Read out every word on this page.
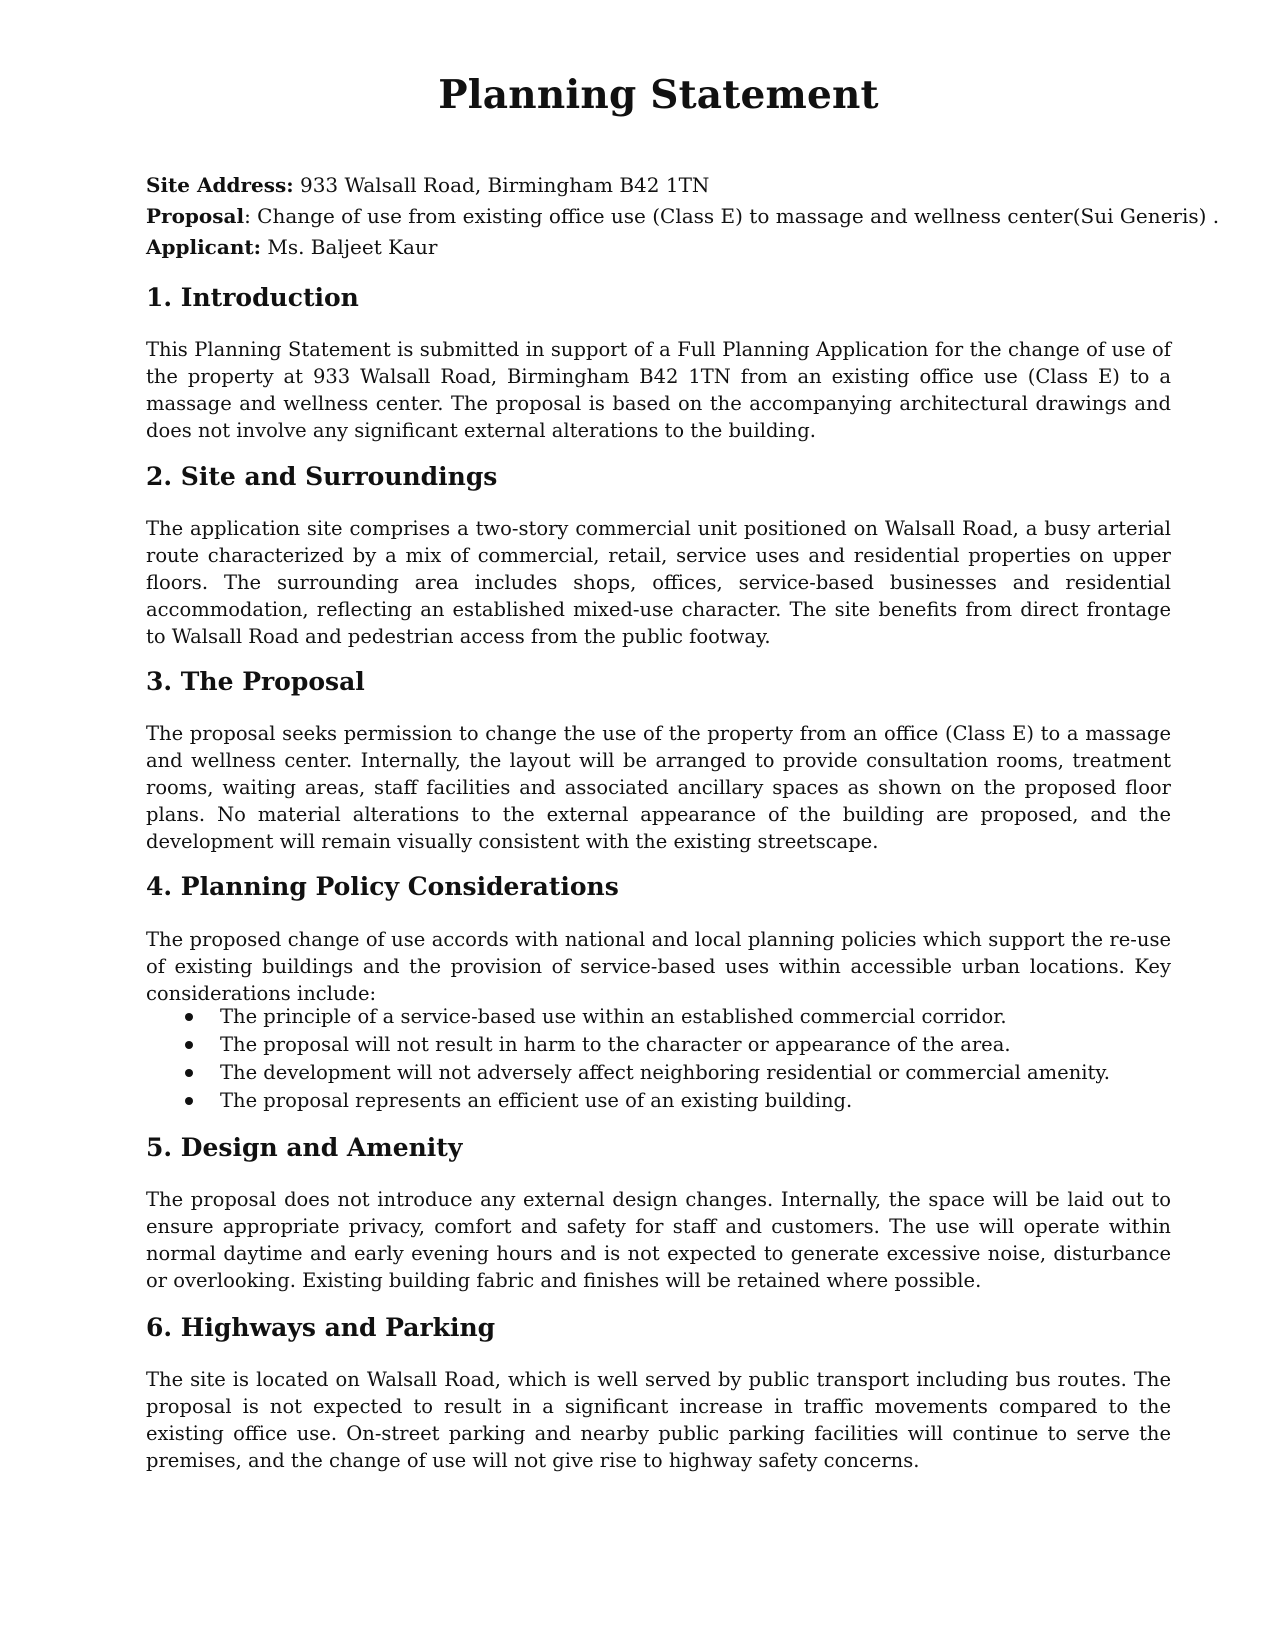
Planning Statement
Site Address: 933 Walsall Road, Birmingham B42 1TN
Proposal: Change of use from existing office use (Class E) to massage and wellness center(Sui Generis) .
Applicant: Ms. Baljeet Kaur
1. Introduction

This Planning Statement is submitted in support of a Full Planning Application for the change of use of the property at 933 Walsall Road, Birmingham B42 1TN from an existing office use (Class E) to a massage and wellness center. The proposal is based on the accompanying architectural drawings and does not involve any significant external alterations to the building.

2. Site and Surroundings

The application site comprises a two-story commercial unit positioned on Walsall Road, a busy arterial route characterized by a mix of commercial, retail, service uses and residential properties on upper floors. The surrounding area includes shops, offices, service-based businesses and residential accommodation, reflecting an established mixed-use character. The site benefits from direct frontage to Walsall Road and pedestrian access from the public footway.

3. The Proposal

The proposal seeks permission to change the use of the property from an office (Class E) to a massage and wellness center. Internally, the layout will be arranged to provide consultation rooms, treatment rooms, waiting areas, staff facilities and associated ancillary spaces as shown on the proposed floor plans. No material alterations to the external appearance of the building are proposed, and the development will remain visually consistent with the existing streetscape.

4. Planning Policy Considerations

The proposed change of use accords with national and local planning policies which support the re-use of existing buildings and the provision of service-based uses within accessible urban locations. Key considerations include:

The principle of a service-based use within an established commercial corridor.
The proposal will not result in harm to the character or appearance of the area.
The development will not adversely affect neighboring residential or commercial amenity.
The proposal represents an efficient use of an existing building.
5. Design and Amenity

The proposal does not introduce any external design changes. Internally, the space will be laid out to ensure appropriate privacy, comfort and safety for staff and customers. The use will operate within normal daytime and early evening hours and is not expected to generate excessive noise, disturbance or overlooking. Existing building fabric and finishes will be retained where possible.

6. Highways and Parking

The site is located on Walsall Road, which is well served by public transport including bus routes. The proposal is not expected to result in a significant increase in traffic movements compared to the existing office use. On-street parking and nearby public parking facilities will continue to serve the premises, and the change of use will not give rise to highway safety concerns.
